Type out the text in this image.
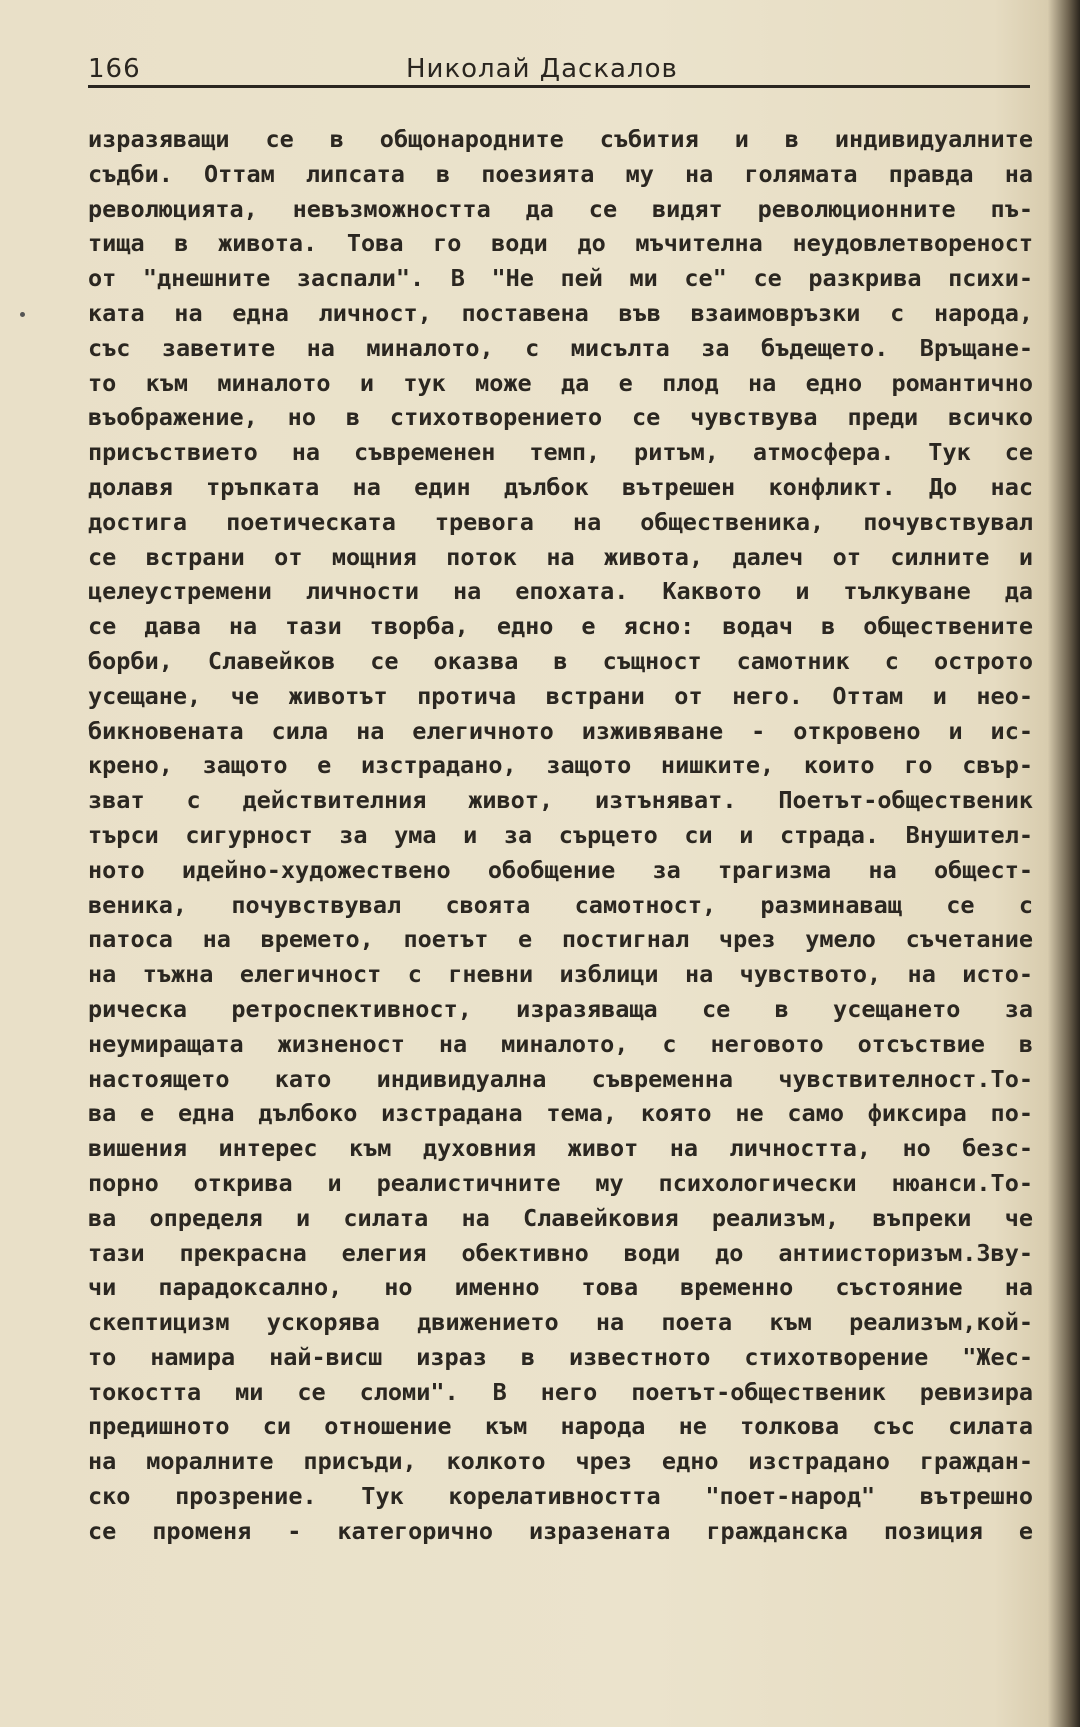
166	Николай Даскалов
изразяващи се в общонародните събития и в индивидуалните
съдби. Оттам липсата в поезията му на голямата правда на
революцията, невъзможността да се видят революционните пъ-
тища в живота. Това го води до мъчителна неудовлетвореност
от "днешните заспали". В "Не пей ми се" се разкрива психи-
ката на една личност, поставена във взаимовръзки с народа,
със заветите на миналото, с мисълта за бъдещето. Връщане-
то към миналото и тук може да е плод на едно романтично
въображение, но в стихотворението се чувствува преди всичко
присъствието на съвременен темп, ритъм, атмосфера. Тук се
долавя тръпката на един дълбок вътрешен конфликт. До нас
достига поетическата тревога на общественика, почувствувал
се встрани от мощния поток на живота, далеч от силните и
целеустремени личности на епохата. Каквото и тълкуване да
се дава на тази творба, едно е ясно: водач в обществените
борби, Славейков се оказва в същност самотник с острото
усещане, че животът протича встрани от него. Оттам и нео-
бикновената сила на елегичното изживяване - откровено и ис-
крено, защото е изстрадано, защото нишките, които го свър-
зват с действителния живот, изтъняват. Поетът-общественик
търси сигурност за ума и за сърцето си и страда. Внушител-
ното идейно-художествено обобщение за трагизма на общест-
веника, почувствувал своята самотност, разминаващ се с
патоса на времето, поетът е постигнал чрез умело съчетание
на тъжна елегичност с гневни изблици на чувството, на исто-
рическа ретроспективност, изразяваща се в усещането за
неумиращата жизненост на миналото, с неговото отсъствие в
настоящето като индивидуална съвременна чувствителност.То-
ва е една дълбоко изстрадана тема, която не само фиксира по-
вишения интерес към духовния живот на личността, но безс-
порно открива и реалистичните му психологически нюанси.То-
ва определя и силата на Славейковия реализъм, въпреки че
тази прекрасна елегия обективно води до антиисторизъм.Зву-
чи парадоксално, но именно това временно състояние на
скептицизм ускорява движението на поета към реализъм,кой-
то намира най-висш израз в известното стихотворение "Жес-
токостта ми се сломи". В него поетът-общественик ревизира
предишното си отношение към народа не толкова със силата
на моралните присъди, колкото чрез едно изстрадано граждан-
ско прозрение. Тук корелативността "поет-народ" вътрешно
се променя - категорично изразената гражданска позиция е
